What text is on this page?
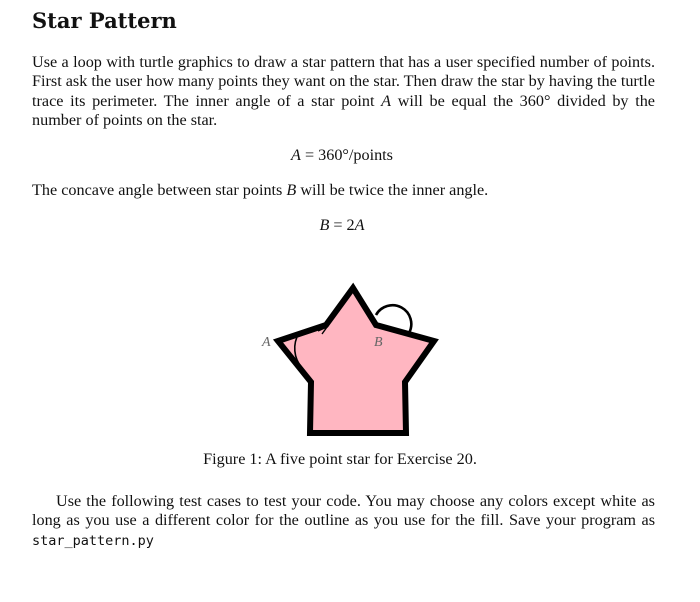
Star Pattern

Use a loop with turtle graphics to draw a star pattern that has a user specified number of points. First ask the user how many points they want on the star. Then draw the star by having the turtle trace its perimeter. The inner angle of a star point A will be equal the 360° divided by the number of points on the star.

A = 360°/points

The concave angle between star points B will be twice the inner angle.

B = 2A

A	B

Figure 1: A five point star for Exercise 20.

Use the following test cases to test your code. You may choose any colors except white as long as you use a different color for the outline as you use for the fill. Save your program as star_pattern.py
